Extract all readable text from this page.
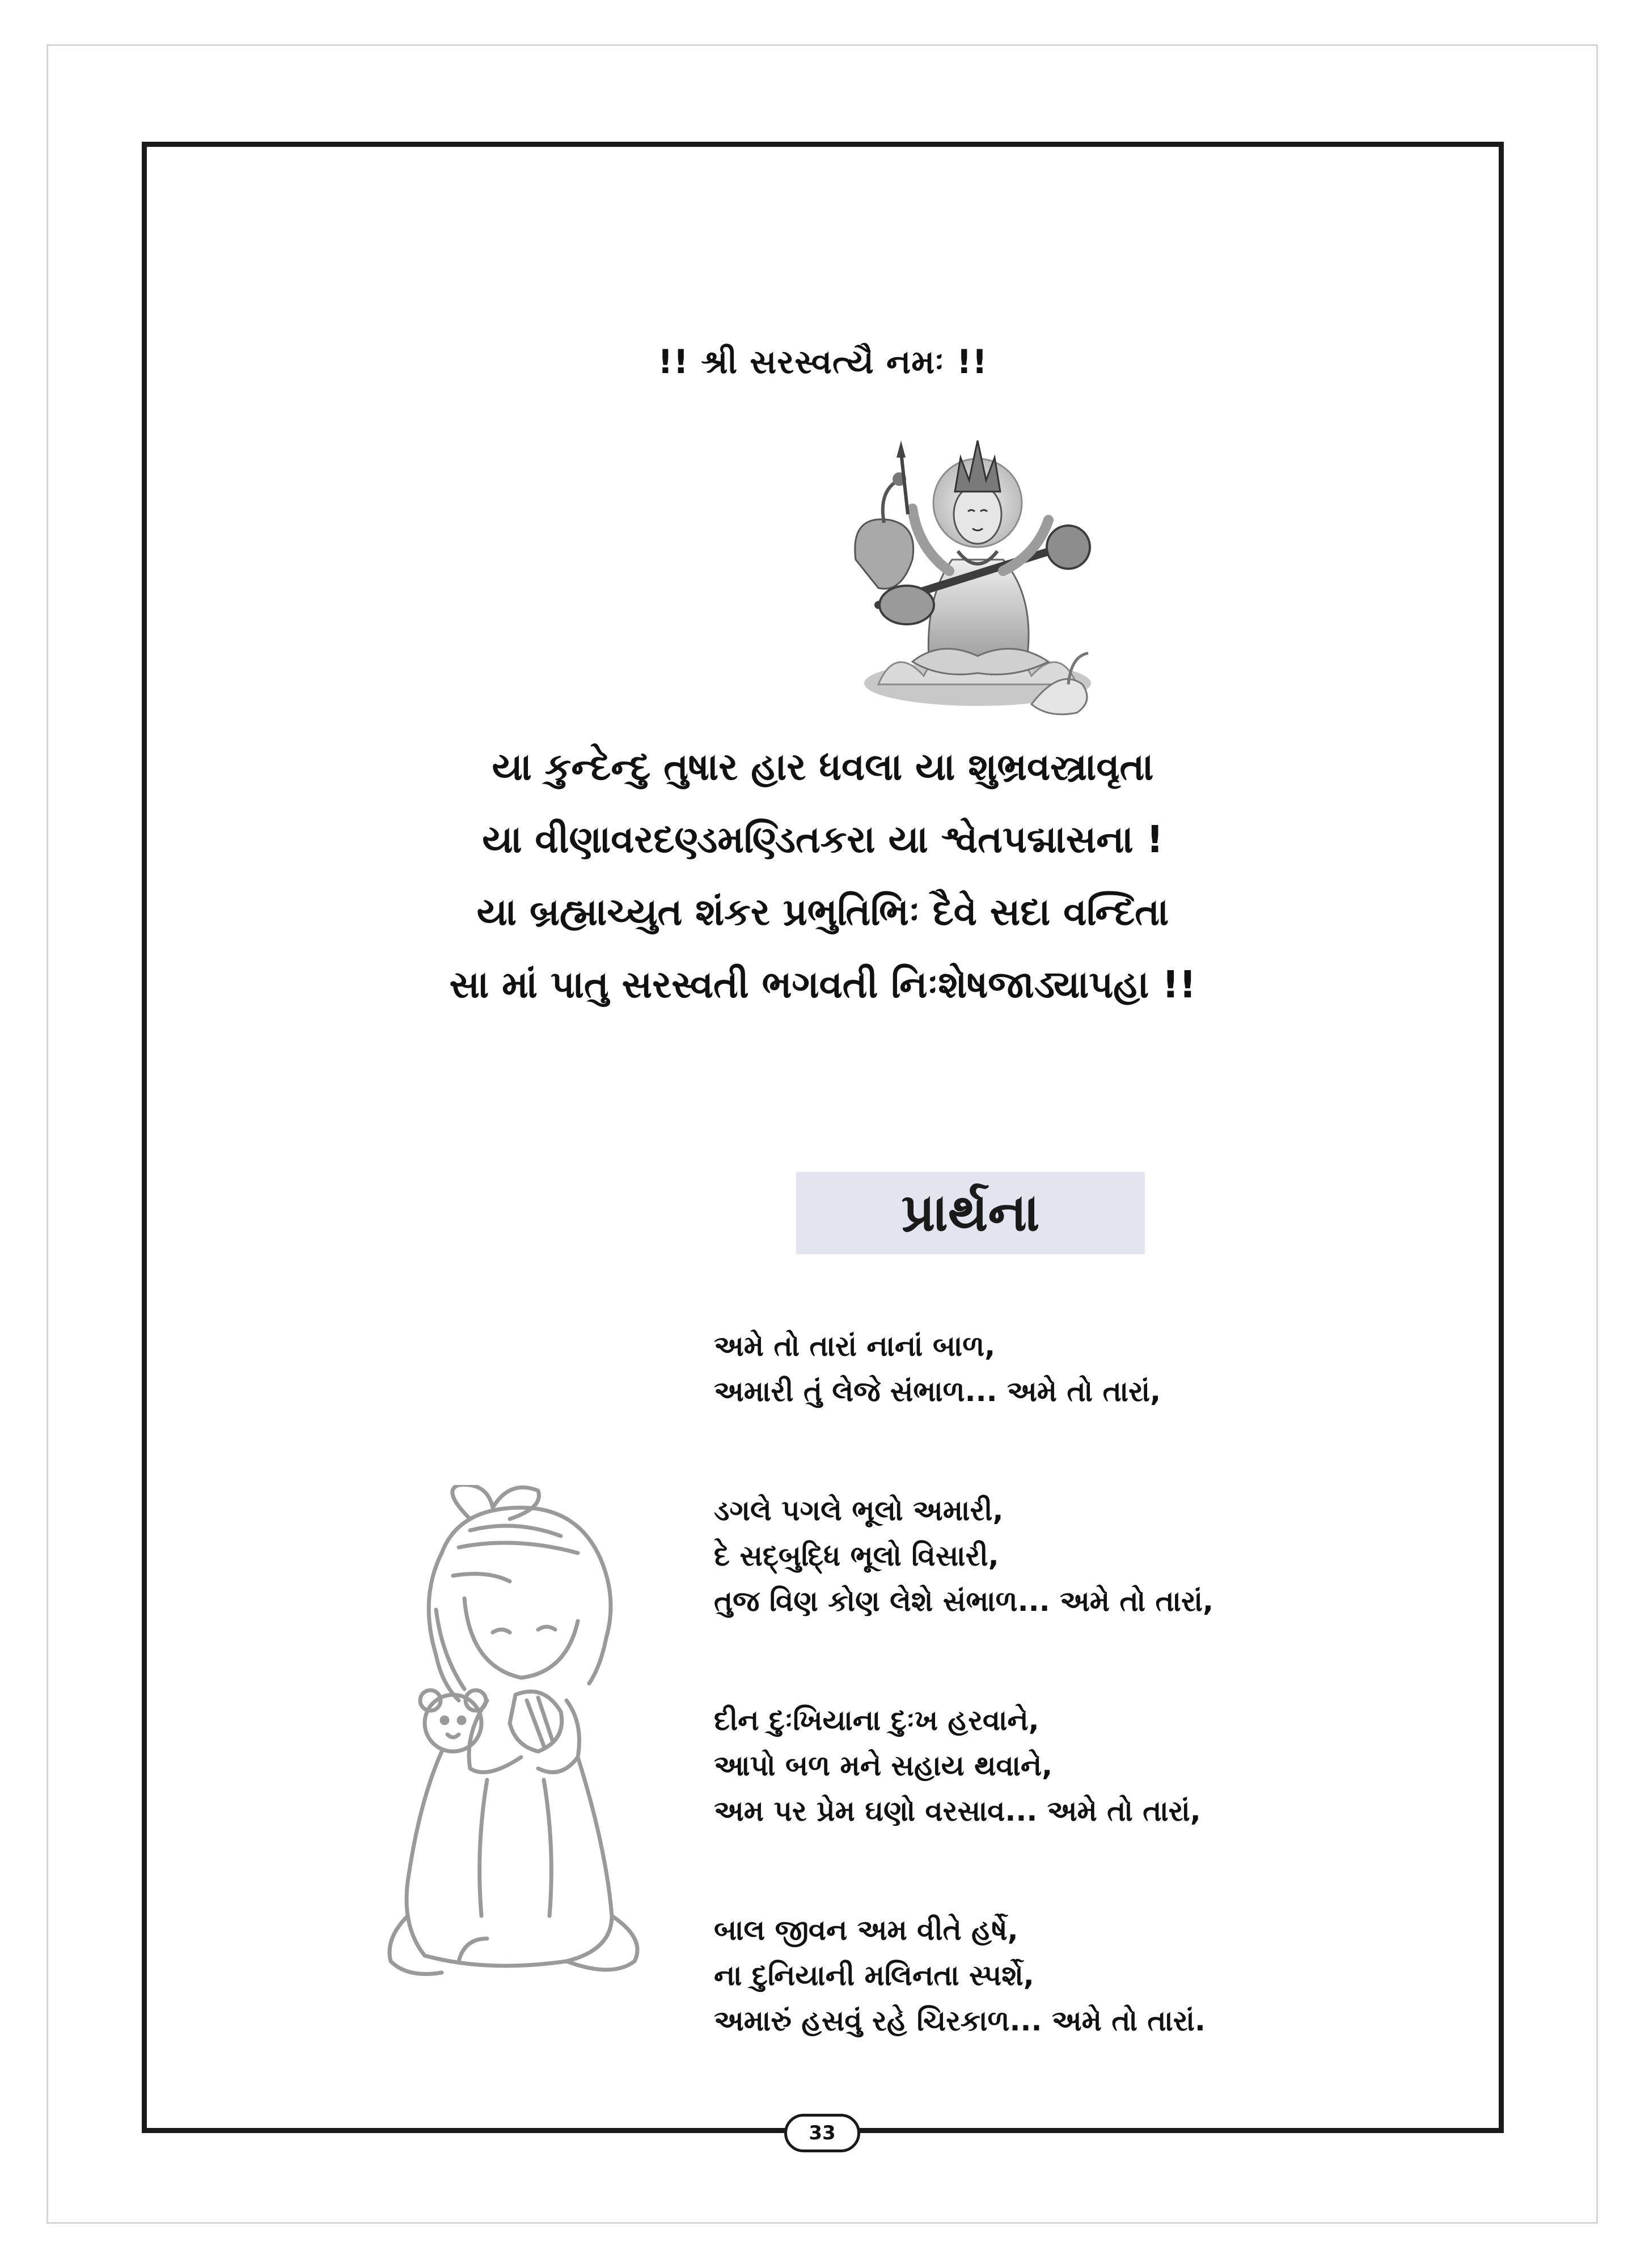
!! શ્રી સરસ્વત્યૈ નમઃ !!
યા કુન્દેન્દુ તુષાર હાર ધવલા યા શુભ્રવસ્ત્રાવૃતા
યા વીણાવરદણ્ડમણ્ડિતકરા યા શ્વેતપદ્માસના !
યા બ્રહ્માચ્યુત શંકર પ્રભુતિભિઃ દૈવે સદા વન્દિતા
સા માં પાતુ સરસ્વતી ભગવતી નિઃશેષજાડ્યાપહા !!
પ્રાર્થના
અમે તો તારાં નાનાં બાળ,
અમારી તું લેજે સંભાળ... અમે તો તારાં,
ડગલે પગલે ભૂલો અમારી,
દે સદ્બુદ્ધિ ભૂલો વિસારી,
તુજ વિણ કોણ લેશે સંભાળ... અમે તો તારાં,
દીન દુઃખિયાના દુઃખ હરવાને,
આપો બળ મને સહાય થવાને,
અમ પર પ્રેમ ઘણો વરસાવ... અમે તો તારાં,
બાલ જીવન અમ વીતે હર્ષે,
ના દુનિયાની મલિનતા સ્પર્શે,
અમારું હસવું રહે ચિરકાળ... અમે તો તારાં.
33
